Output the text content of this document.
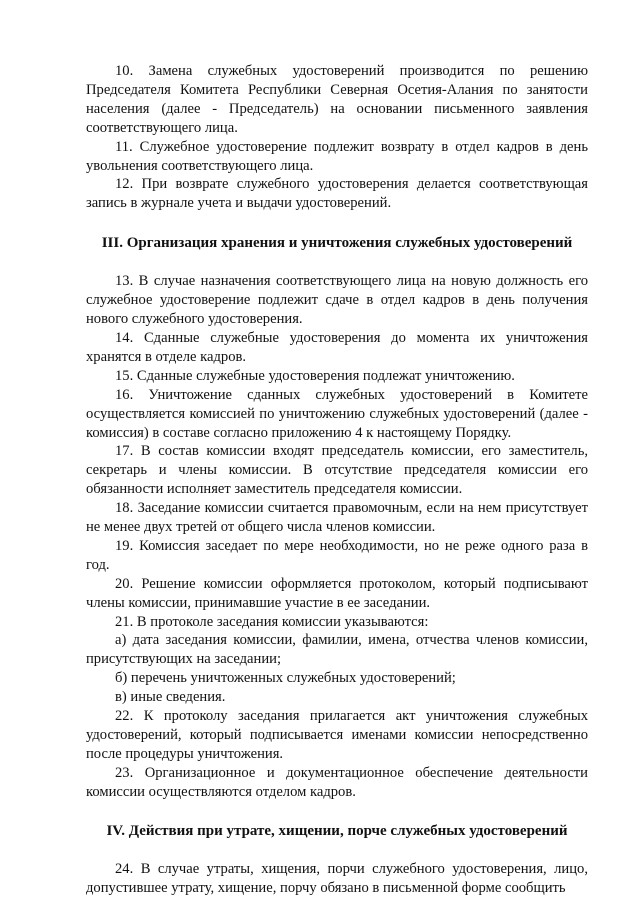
10. Замена служебных удостоверений производится по решению Председателя Комитета Республики Северная Осетия-Алания по занятости населения (далее - Председатель) на основании письменного заявления соответствующего лица.

11. Служебное удостоверение подлежит возврату в отдел кадров в день увольнения соответствующего лица.

12. При возврате служебного удостоверения делается соответствующая запись в журнале учета и выдачи удостоверений.

III. Организация хранения и уничтожения служебных удостоверений

13. В случае назначения соответствующего лица на новую должность его служебное удостоверение подлежит сдаче в отдел кадров в день получения нового служебного удостоверения.

14. Сданные служебные удостоверения до момента их уничтожения хранятся в отделе кадров.

15. Сданные служебные удостоверения подлежат уничтожению.

16. Уничтожение сданных служебных удостоверений в Комитете осуществляется комиссией по уничтожению служебных удостоверений (далее - комиссия) в составе согласно приложению 4 к настоящему Порядку.

17. В состав комиссии входят председатель комиссии, его заместитель, секретарь и члены комиссии. В отсутствие председателя комиссии его обязанности исполняет заместитель председателя комиссии.

18. Заседание комиссии считается правомочным, если на нем присутствует не менее двух третей от общего числа членов комиссии.

19. Комиссия заседает по мере необходимости, но не реже одного раза в год.

20. Решение комиссии оформляется протоколом, который подписывают члены комиссии, принимавшие участие в ее заседании.

21. В протоколе заседания комиссии указываются:

а) дата заседания комиссии, фамилии, имена, отчества членов комиссии, присутствующих на заседании;

б) перечень уничтоженных служебных удостоверений;

в) иные сведения.

22. К протоколу заседания прилагается акт уничтожения служебных удостоверений, который подписывается именами комиссии непосредственно после процедуры уничтожения.

23. Организационное и документационное обеспечение деятельности комиссии осуществляются отделом кадров.

IV. Действия при утрате, хищении, порче служебных удостоверений

24. В случае утраты, хищения, порчи служебного удостоверения, лицо, допустившее утрату, хищение, порчу обязано в письменной форме сообщить
